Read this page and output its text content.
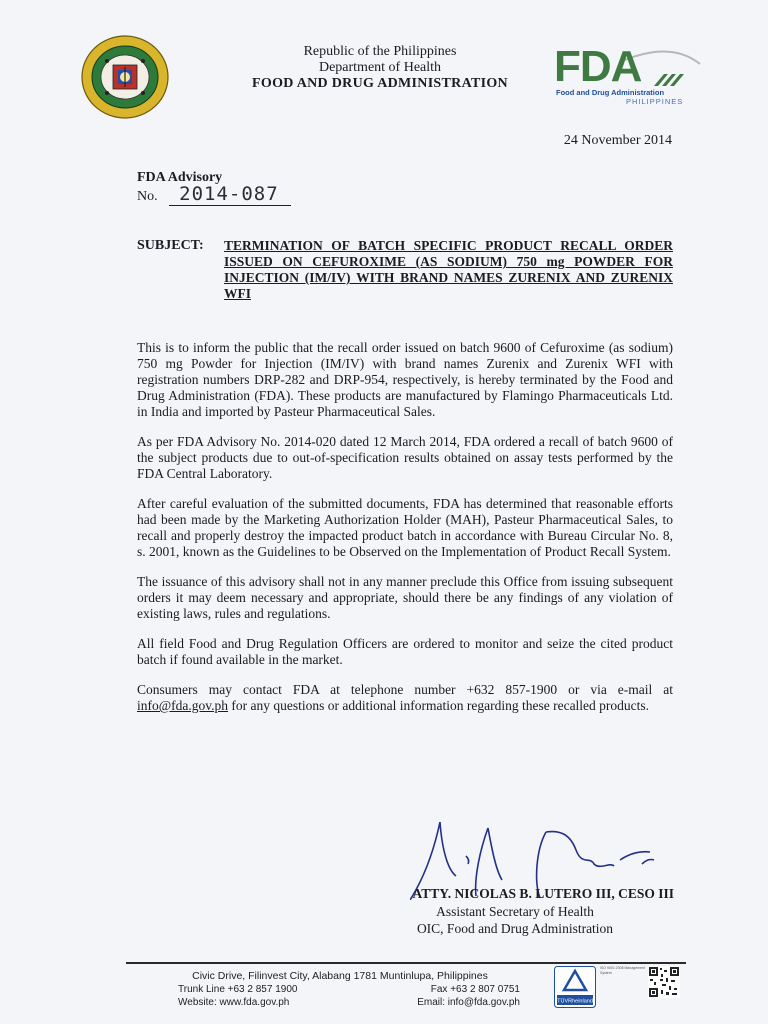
Republic of the Philippines
Department of Health
FOOD AND DRUG ADMINISTRATION	FDA
Food and Drug Administration
PHILIPPINES
24 November 2014
FDA Advisory
No. 2014-087
SUBJECT: TERMINATION OF BATCH SPECIFIC PRODUCT RECALL ORDER ISSUED ON CEFUROXIME (AS SODIUM) 750 mg POWDER FOR INJECTION (IM/IV) WITH BRAND NAMES ZURENIX AND ZURENIX WFI

This is to inform the public that the recall order issued on batch 9600 of Cefuroxime (as sodium) 750 mg Powder for Injection (IM/IV) with brand names Zurenix and Zurenix WFI with registration numbers DRP-282 and DRP-954, respectively, is hereby terminated by the Food and Drug Administration (FDA). These products are manufactured by Flamingo Pharmaceuticals Ltd. in India and imported by Pasteur Pharmaceutical Sales.

As per FDA Advisory No. 2014-020 dated 12 March 2014, FDA ordered a recall of batch 9600 of the subject products due to out-of-specification results obtained on assay tests performed by the FDA Central Laboratory.

After careful evaluation of the submitted documents, FDA has determined that reasonable efforts had been made by the Marketing Authorization Holder (MAH), Pasteur Pharmaceutical Sales, to recall and properly destroy the impacted product batch in accordance with Bureau Circular No. 8, s. 2001, known as the Guidelines to be Observed on the Implementation of Product Recall System.

The issuance of this advisory shall not in any manner preclude this Office from issuing subsequent orders it may deem necessary and appropriate, should there be any findings of any violation of existing laws, rules and regulations.

All field Food and Drug Regulation Officers are ordered to monitor and seize the cited product batch if found available in the market.

Consumers may contact FDA at telephone number +632 857-1900 or via e-mail at info@fda.gov.ph for any questions or additional information regarding these recalled products.

ATTY. NICOLAS B. LUTERO III, CESO III
Assistant Secretary of Health
OIC, Food and Drug Administration
Civic Drive, Filinvest City, Alabang 1781 Muntinlupa, Philippines
Trunk Line +63 2 857 1900	Fax +63 2 807 0751
Website: www.fda.gov.ph	Email: info@fda.gov.ph	TÜVRheinland
ISO 9001:2008 Management System
